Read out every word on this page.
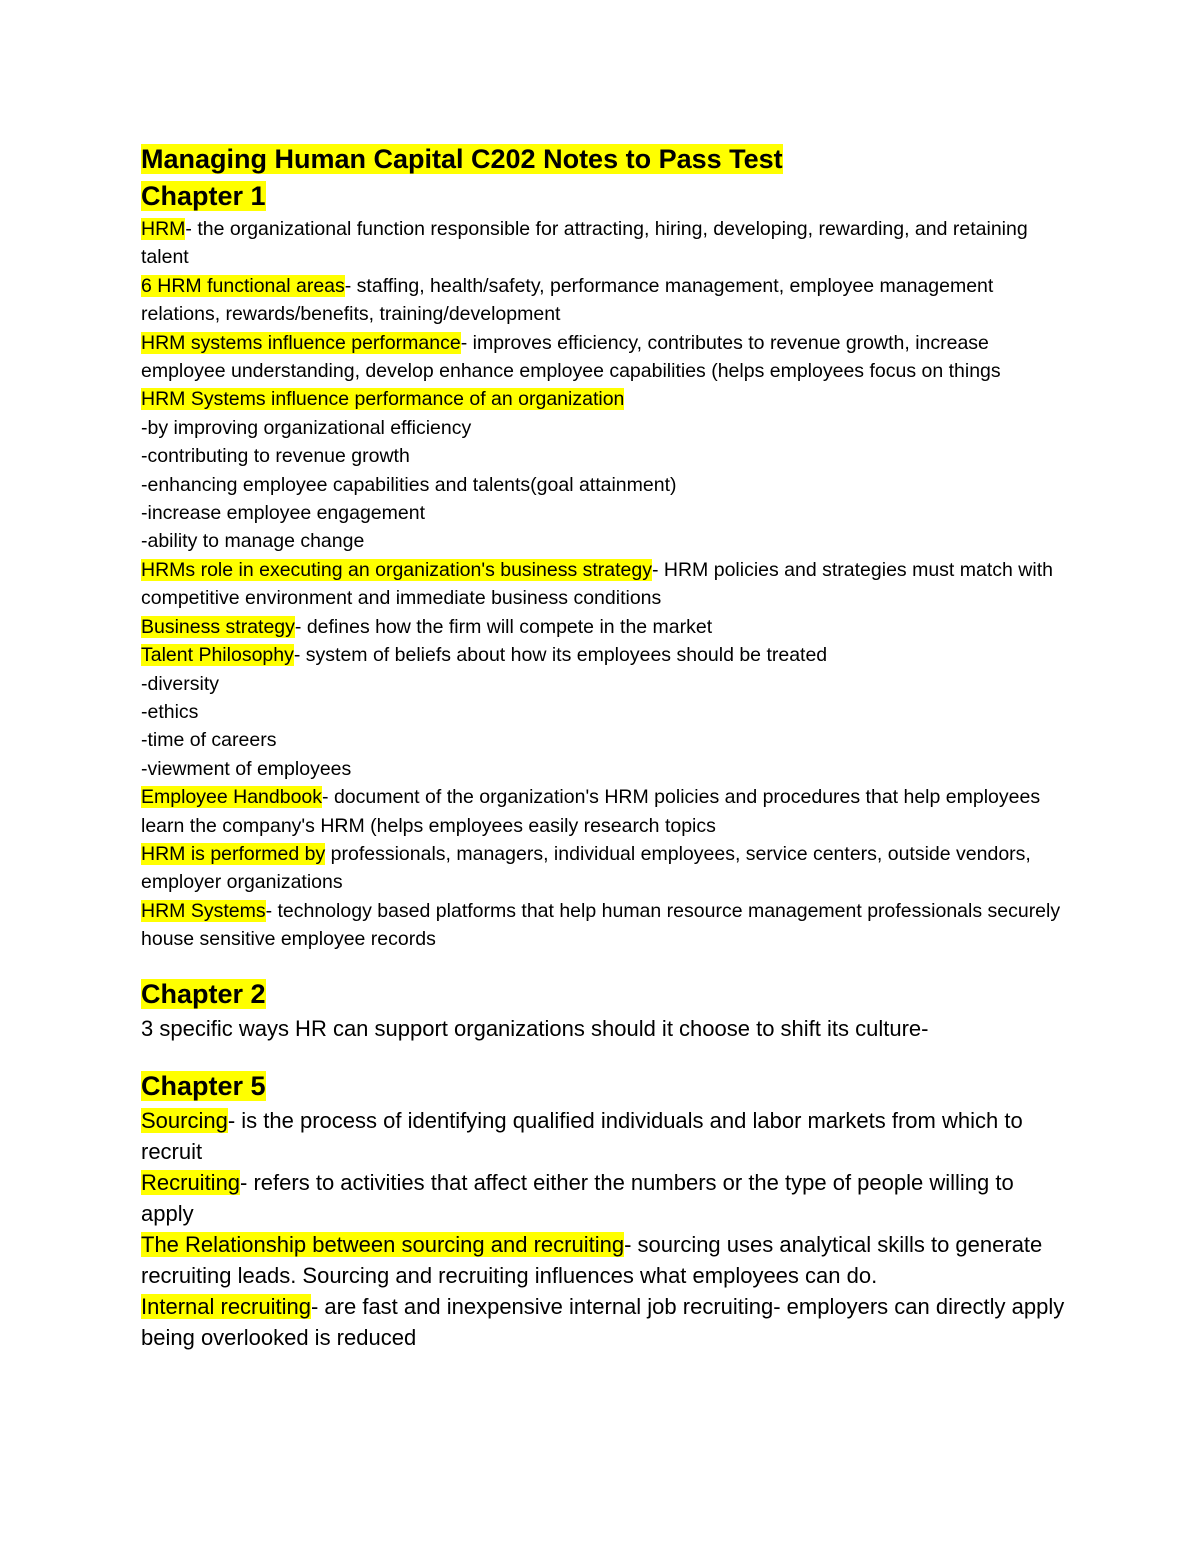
Managing Human Capital C202 Notes to Pass Test
Chapter 1

HRM- the organizational function responsible for attracting, hiring, developing, rewarding, and retaining talent

6 HRM functional areas- staffing, health/safety, performance management, employee management relations, rewards/benefits, training/development

HRM systems influence performance- improves efficiency, contributes to revenue growth, increase employee understanding, develop enhance employee capabilities (helps employees focus on things

HRM Systems influence performance of an organization

-by improving organizational efficiency

-contributing to revenue growth

-enhancing employee capabilities and talents(goal attainment)

-increase employee engagement

-ability to manage change

HRMs role in executing an organization's business strategy- HRM policies and strategies must match with competitive environment and immediate business conditions

Business strategy- defines how the firm will compete in the market

Talent Philosophy- system of beliefs about how its employees should be treated

-diversity

-ethics

-time of careers

-viewment of employees

Employee Handbook- document of the organization's HRM policies and procedures that help employees learn the company's HRM (helps employees easily research topics

HRM is performed by professionals, managers, individual employees, service centers, outside vendors, employer organizations

HRM Systems- technology based platforms that help human resource management professionals securely house sensitive employee records

Chapter 2

3 specific ways HR can support organizations should it choose to shift its culture-

Chapter 5

Sourcing- is the process of identifying qualified individuals and labor markets from which to recruit

Recruiting- refers to activities that affect either the numbers or the type of people willing to apply

The Relationship between sourcing and recruiting- sourcing uses analytical skills to generate recruiting leads. Sourcing and recruiting influences what employees can do.

Internal recruiting- are fast and inexpensive internal job recruiting- employers can directly apply being overlooked is reduced
